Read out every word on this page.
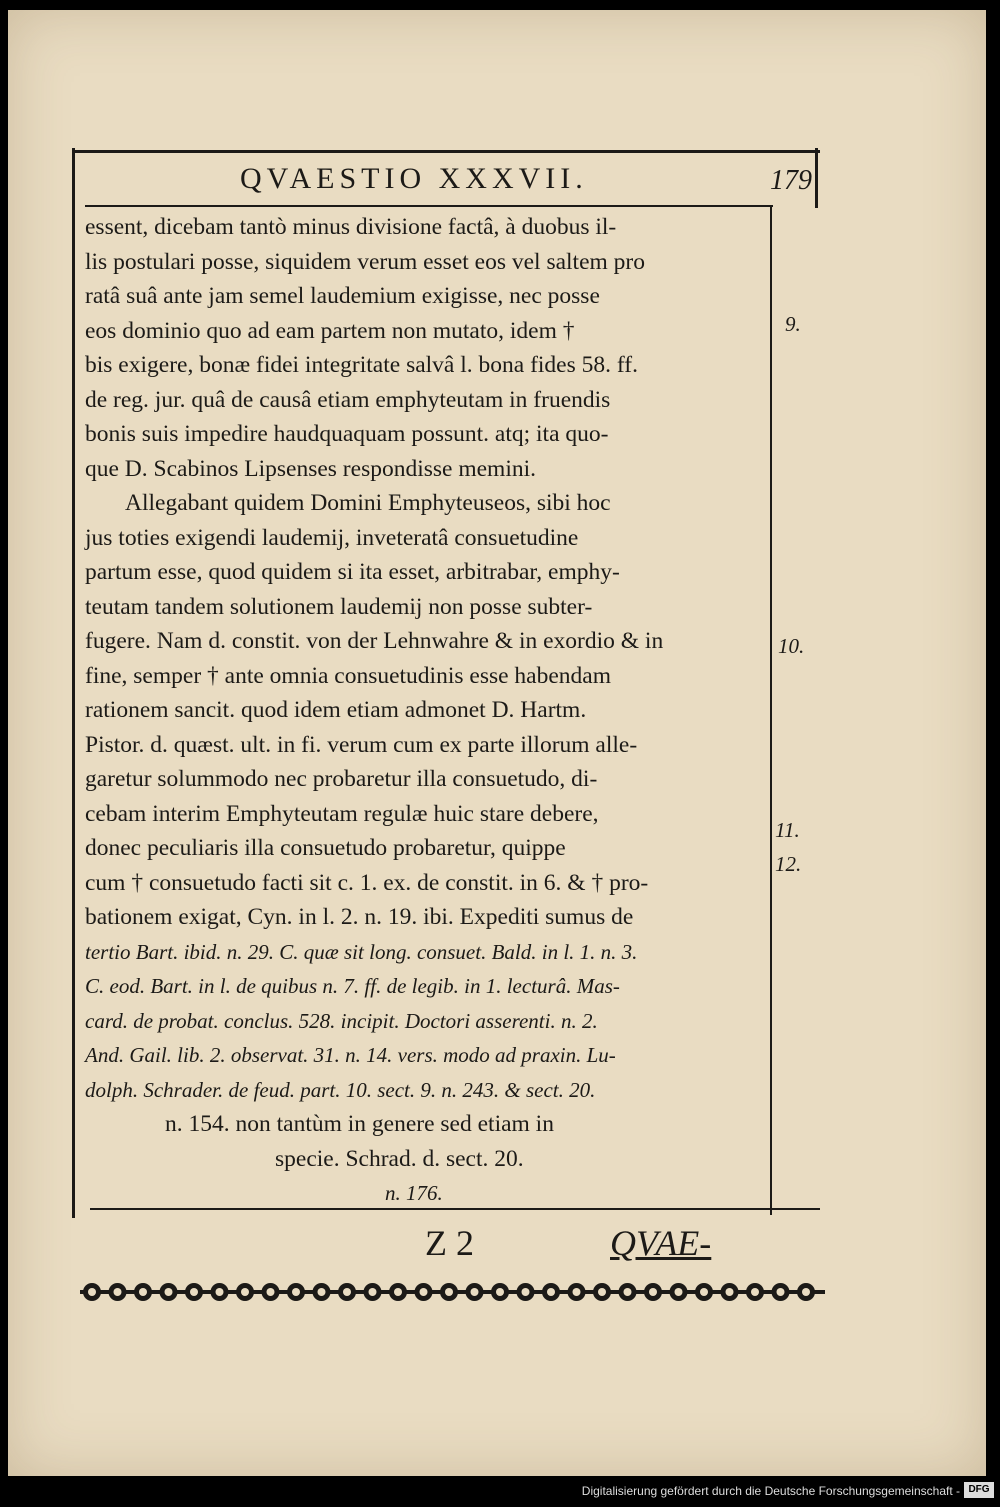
QVAESTIO XXXVII.	179
essent, dicebam tantò minus divisione factâ, à duobus il-
lis postulari posse, siquidem verum esset eos vel saltem pro
ratâ suâ ante jam semel laudemium exigisse, nec posse
eos dominio quo ad eam partem non mutato, idem †
bis exigere, bonæ fidei integritate salvâ l. bona fides 58. ff.
de reg. jur. quâ de causâ etiam emphyteutam in fruendis
bonis suis impedire haudquaquam possunt. atq; ita quo-
que D. Scabinos Lipsenses respondisse memini.
Allegabant quidem Domini Emphyteuseos, sibi hoc
jus toties exigendi laudemij, inveteratâ consuetudine
partum esse, quod quidem si ita esset, arbitrabar, emphy-
teutam tandem solutionem laudemij non posse subter-
fugere. Nam d. constit. von der Lehnwahre & in exordio & in
fine, semper † ante omnia consuetudinis esse habendam
rationem sancit. quod idem etiam admonet D. Hartm.
Pistor. d. quæst. ult. in fi. verum cum ex parte illorum alle-
garetur solummodo nec probaretur illa consuetudo, di-
cebam interim Emphyteutam regulæ huic stare debere,
donec peculiaris illa consuetudo probaretur, quippe
cum † consuetudo facti sit c. 1. ex. de constit. in 6. & † pro-
bationem exigat, Cyn. in l. 2. n. 19. ibi. Expediti sumus de
tertio Bart. ibid. n. 29. C. quæ sit long. consuet. Bald. in l. 1. n. 3.
C. eod. Bart. in l. de quibus n. 7. ff. de legib. in 1. lecturâ. Mas-
card. de probat. conclus. 528. incipit. Doctori asserenti. n. 2.
And. Gail. lib. 2. observat. 31. n. 14. vers. modo ad praxin. Lu-
dolph. Schrader. de feud. part. 10. sect. 9. n. 243. & sect. 20.
n. 154. non tantùm in genere sed etiam in
specie. Schrad. d. sect. 20.
n. 176.
9.
10.
11.
12.
Z 2	QVAE-
Digitalisierung gefördert durch die Deutsche Forschungsgemeinschaft - DFG
